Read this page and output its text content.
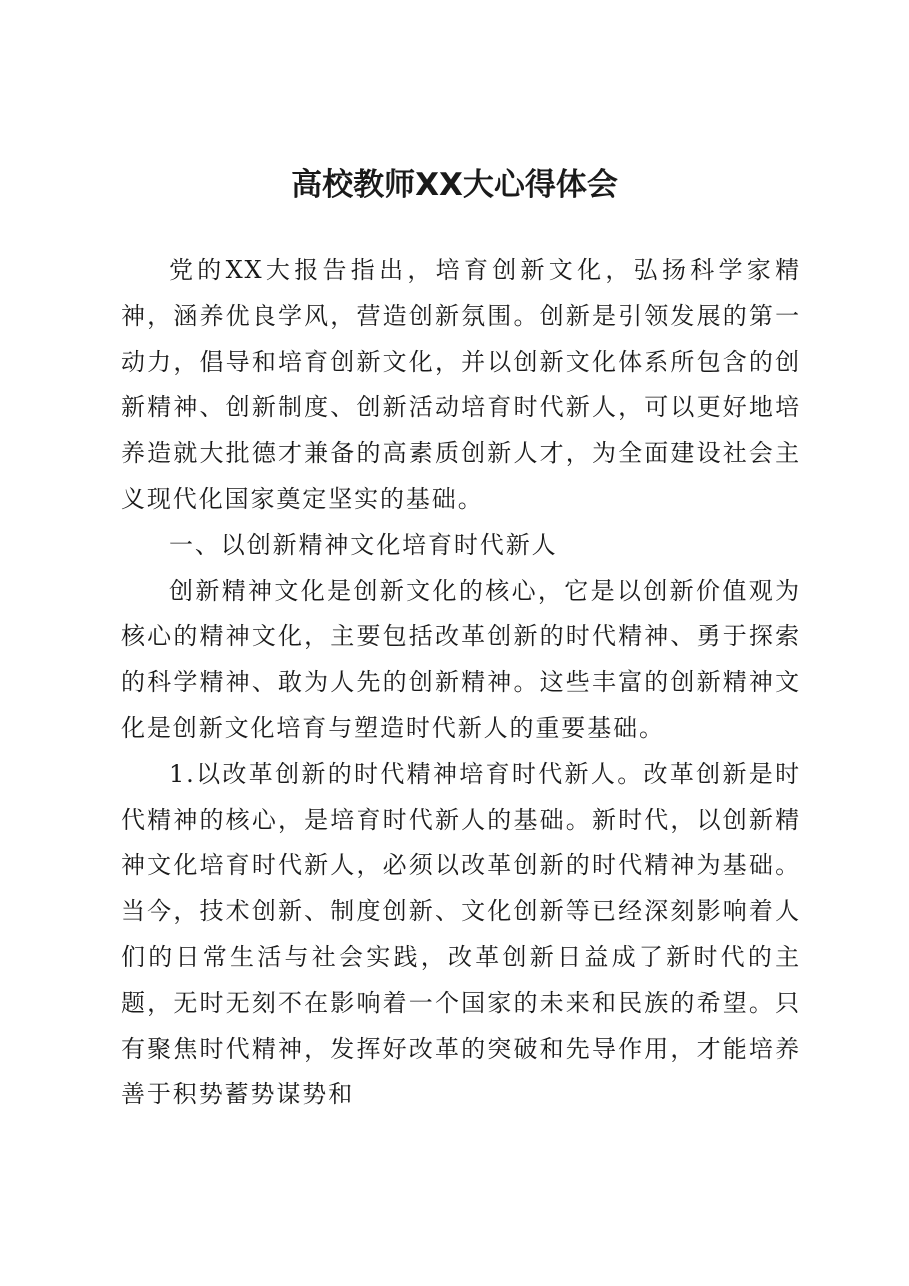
高校教师XX大心得体会

党的XX大报告指出，培育创新文化，弘扬科学家精神，涵养优良学风，营造创新氛围。创新是引领发展的第一动力，倡导和培育创新文化，并以创新文化体系所包含的创新精神、创新制度、创新活动培育时代新人，可以更好地培养造就大批德才兼备的高素质创新人才，为全面建设社会主义现代化国家奠定坚实的基础。

一、以创新精神文化培育时代新人

创新精神文化是创新文化的核心，它是以创新价值观为核心的精神文化，主要包括改革创新的时代精神、勇于探索的科学精神、敢为人先的创新精神。这些丰富的创新精神文化是创新文化培育与塑造时代新人的重要基础。

1.以改革创新的时代精神培育时代新人。改革创新是时代精神的核心，是培育时代新人的基础。新时代，以创新精神文化培育时代新人，必须以改革创新的时代精神为基础。当今，技术创新、制度创新、文化创新等已经深刻影响着人们的日常生活与社会实践，改革创新日益成了新时代的主题，无时无刻不在影响着一个国家的未来和民族的希望。只有聚焦时代精神，发挥好改革的突破和先导作用，才能培养善于积势蓄势谋势和
